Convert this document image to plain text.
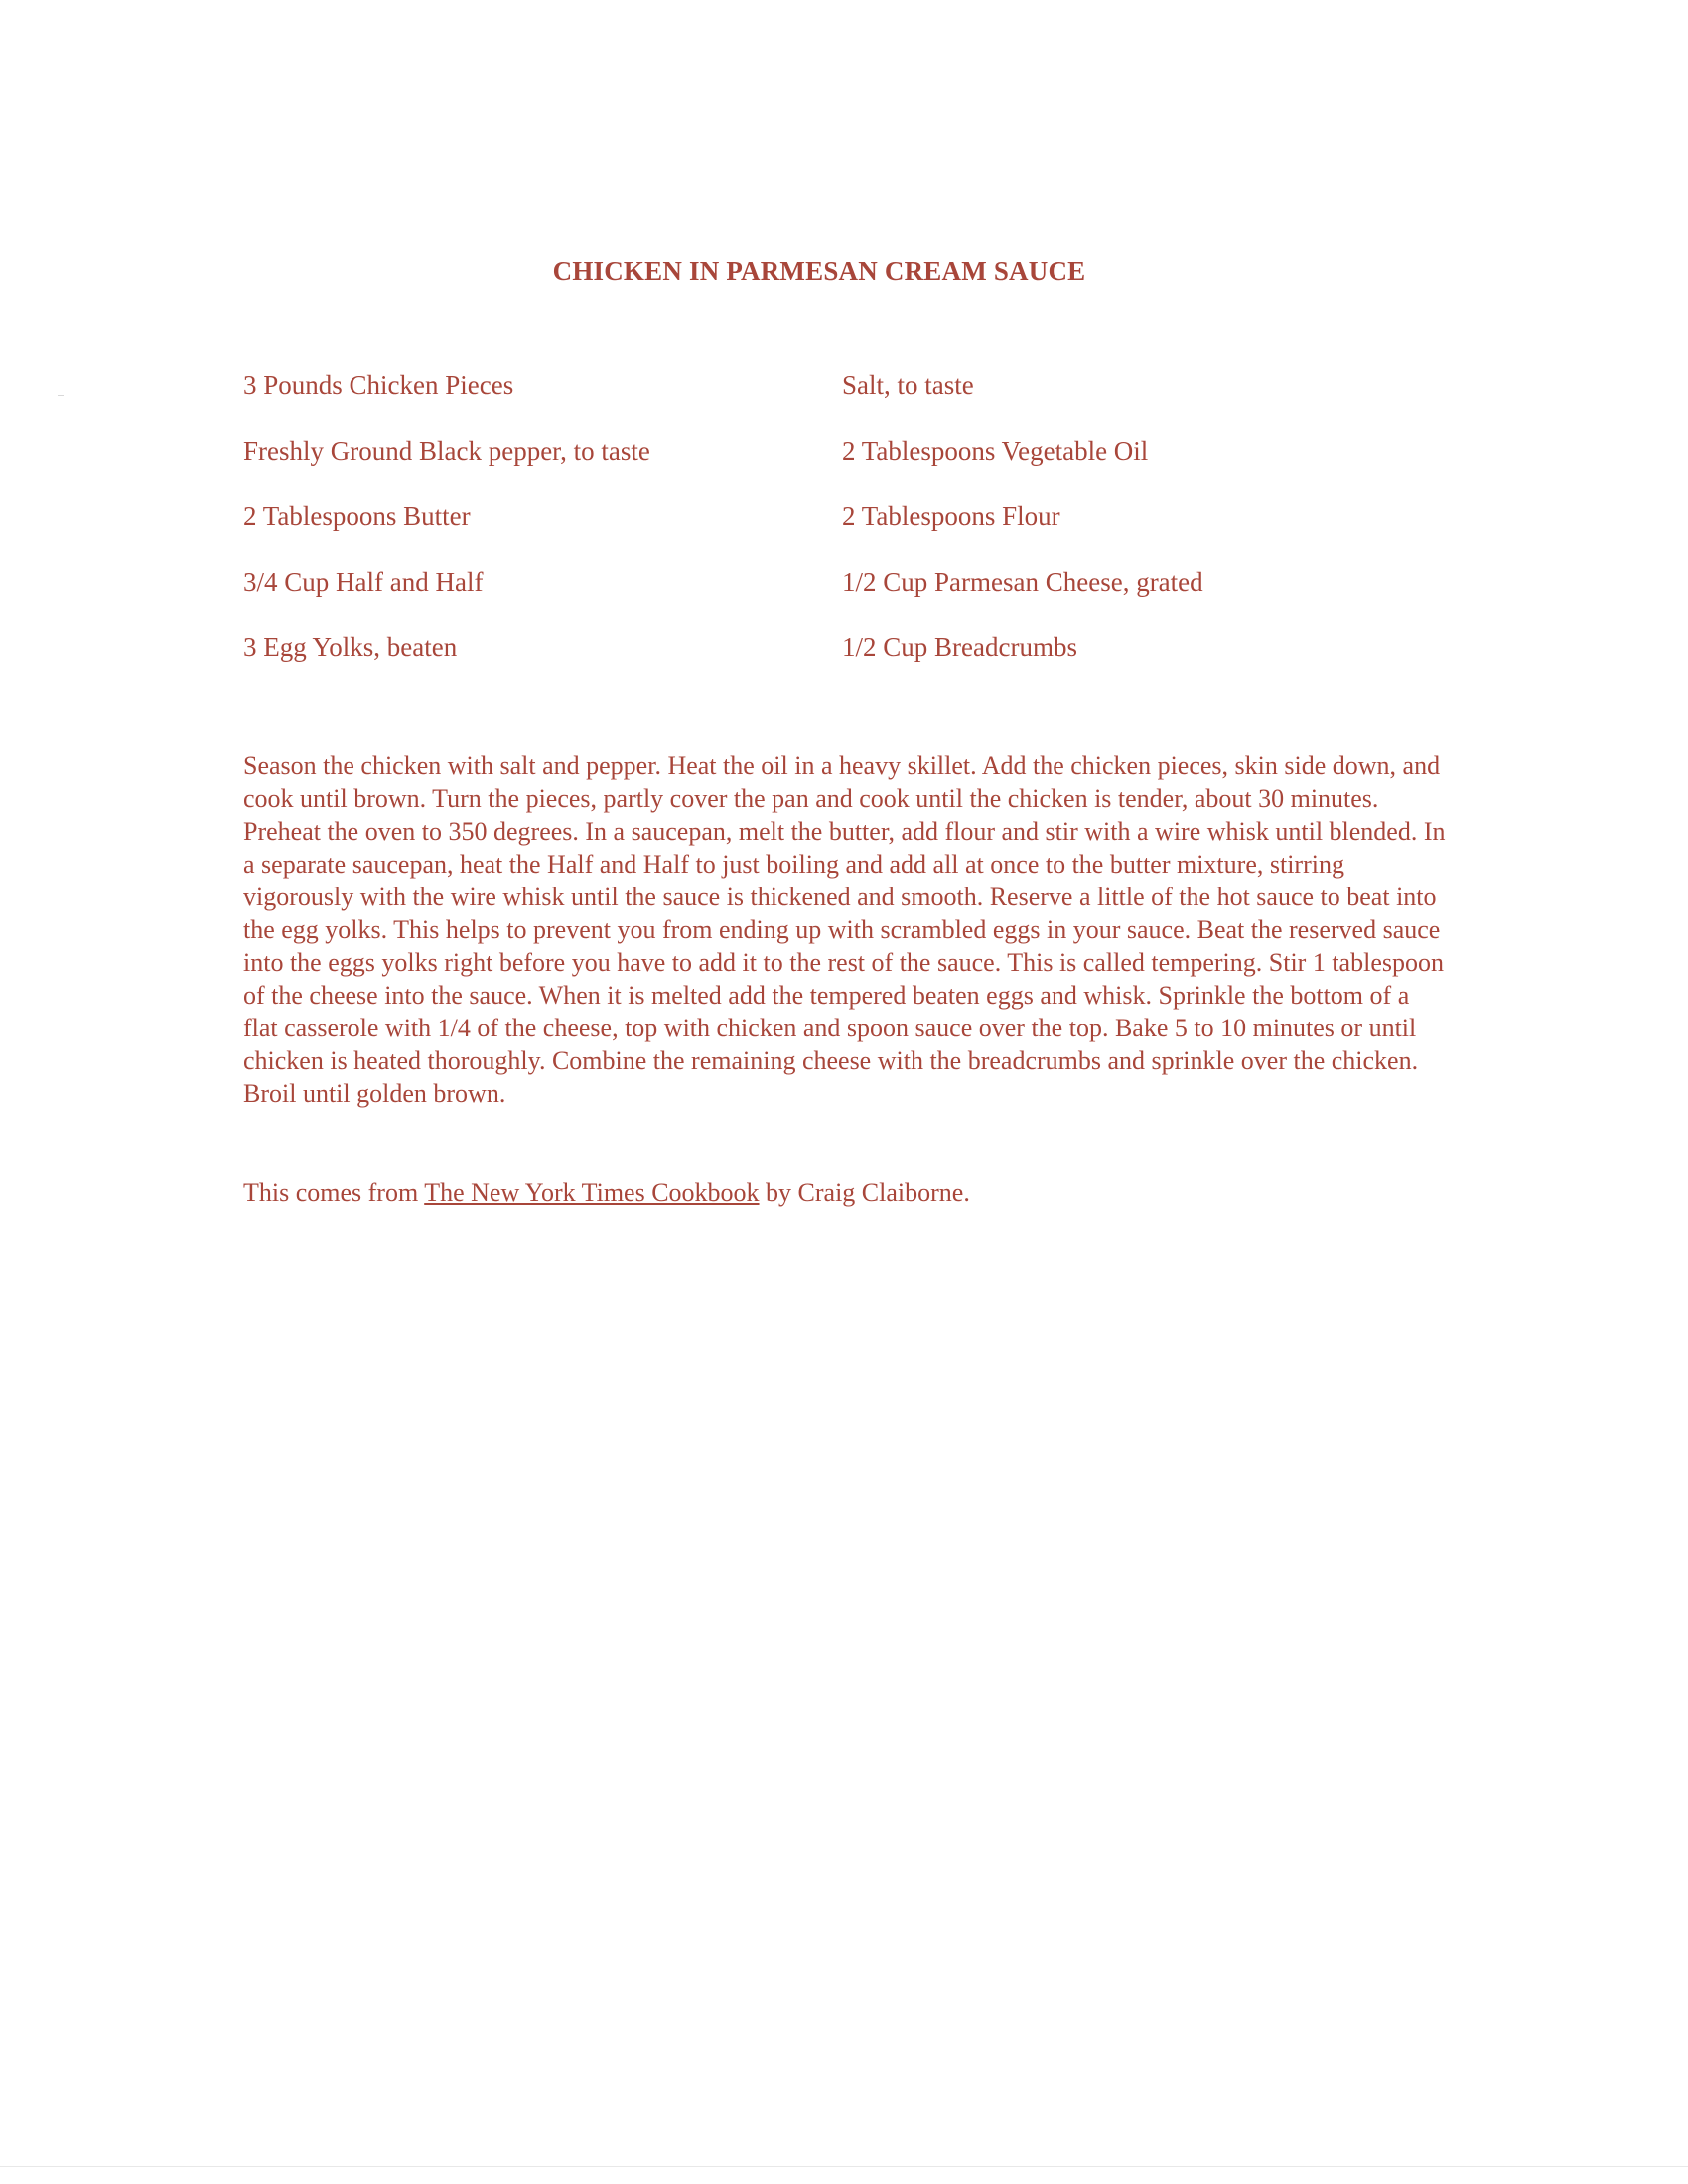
CHICKEN IN PARMESAN CREAM SAUCE
3 Pounds Chicken Pieces	Salt, to taste
Freshly Ground Black pepper, to taste	2 Tablespoons Vegetable Oil
2 Tablespoons Butter	2 Tablespoons Flour
3/4 Cup Half and Half	1/2 Cup Parmesan Cheese, grated
3 Egg Yolks, beaten	1/2 Cup Breadcrumbs
Season the chicken with salt and pepper. Heat the oil in a heavy skillet. Add the chicken pieces, skin side down, and cook until brown. Turn the pieces, partly cover the pan and cook until the chicken is tender, about 30 minutes. Preheat the oven to 350 degrees. In a saucepan, melt the butter, add flour and stir with a wire whisk until blended. In a separate saucepan, heat the Half and Half to just boiling and add all at once to the butter mixture, stirring vigorously with the wire whisk until the sauce is thickened and smooth. Reserve a little of the hot sauce to beat into the egg yolks. This helps to prevent you from ending up with scrambled eggs in your sauce. Beat the reserved sauce into the eggs yolks right before you have to add it to the rest of the sauce. This is called tempering. Stir 1 tablespoon of the cheese into the sauce. When it is melted add the tempered beaten eggs and whisk. Sprinkle the bottom of a flat casserole with 1/4 of the cheese, top with chicken and spoon sauce over the top. Bake 5 to 10 minutes or until chicken is heated thoroughly. Combine the remaining cheese with the breadcrumbs and sprinkle over the chicken. Broil until golden brown.
This comes from The New York Times Cookbook by Craig Claiborne.
